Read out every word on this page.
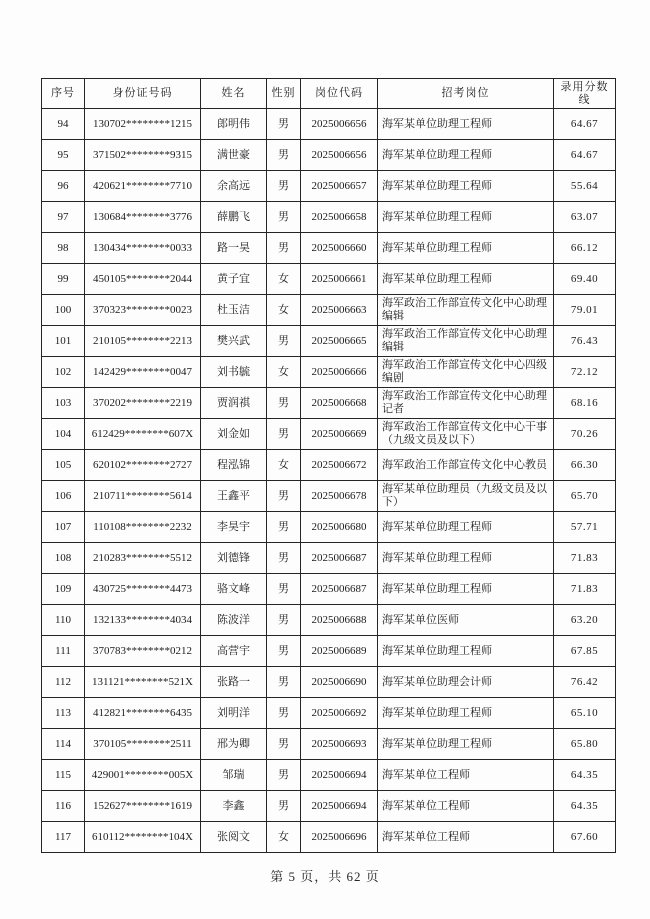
序号	身份证号码	姓名	性别	岗位代码	招考岗位	录用分数线
94	130702********1215	郎明伟	男	2025006656	海军某单位助理工程师	64.67
95	371502********9315	满世豪	男	2025006656	海军某单位助理工程师	64.67
96	420621********7710	余高远	男	2025006657	海军某单位助理工程师	55.64
97	130684********3776	薛鹏飞	男	2025006658	海军某单位助理工程师	63.07
98	130434********0033	路一昊	男	2025006660	海军某单位助理工程师	66.12
99	450105********2044	黄子宜	女	2025006661	海军某单位助理工程师	69.40
100	370323********0023	杜玉洁	女	2025006663	海军政治工作部宣传文化中心助理编辑	79.01
101	210105********2213	樊兴武	男	2025006665	海军政治工作部宣传文化中心助理编辑	76.43
102	142429********0047	刘书毓	女	2025006666	海军政治工作部宣传文化中心四级编剧	72.12
103	370202********2219	贾润祺	男	2025006668	海军政治工作部宣传文化中心助理记者	68.16
104	612429********607X	刘金如	男	2025006669	海军政治工作部宣传文化中心干事（九级文员及以下）	70.26
105	620102********2727	程泓锦	女	2025006672	海军政治工作部宣传文化中心教员	66.30
106	210711********5614	王鑫平	男	2025006678	海军某单位助理员（九级文员及以下）	65.70
107	110108********2232	李昊宇	男	2025006680	海军某单位助理工程师	57.71
108	210283********5512	刘德锋	男	2025006687	海军某单位助理工程师	71.83
109	430725********4473	骆文峰	男	2025006687	海军某单位助理工程师	71.83
110	132133********4034	陈波洋	男	2025006688	海军某单位医师	63.20
111	370783********0212	高营宇	男	2025006689	海军某单位助理工程师	67.85
112	131121********521X	张路一	男	2025006690	海军某单位助理会计师	76.42
113	412821********6435	刘明洋	男	2025006692	海军某单位助理工程师	65.10
114	370105********2511	邢为卿	男	2025006693	海军某单位助理工程师	65.80
115	429001********005X	邹瑞	男	2025006694	海军某单位工程师	64.35
116	152627********1619	李鑫	男	2025006694	海军某单位工程师	64.35
117	610112********104X	张阅文	女	2025006696	海军某单位工程师	67.60
第 5 页，共 62 页
